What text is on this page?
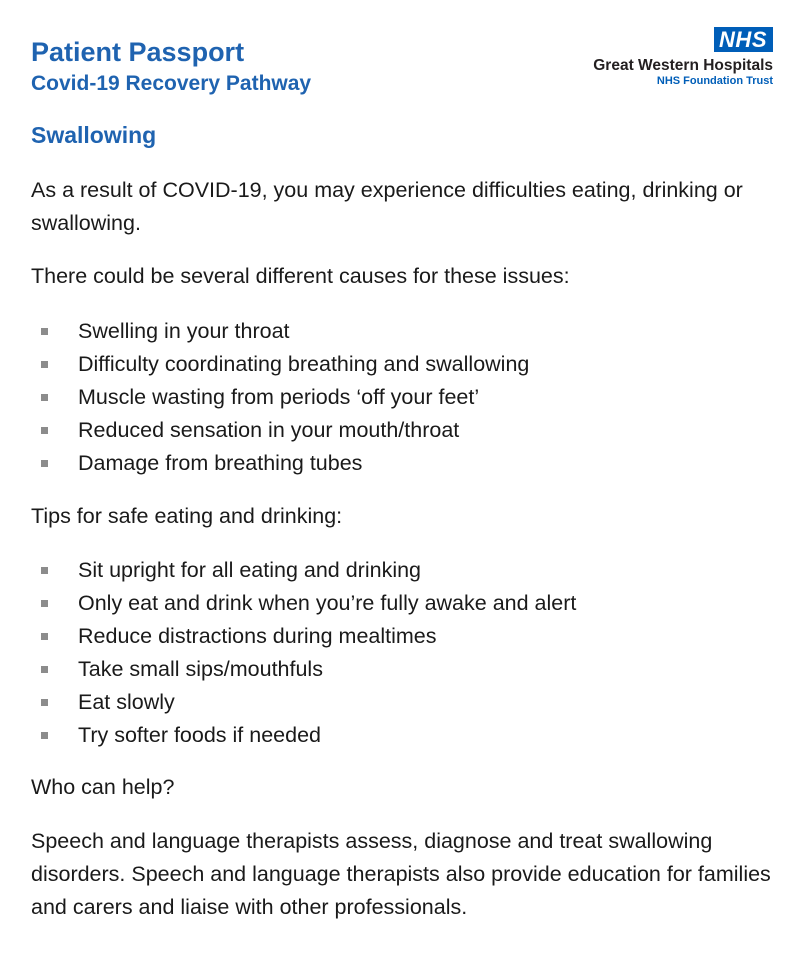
Patient Passport
Covid-19 Recovery Pathway
NHS
Great Western Hospitals
NHS Foundation Trust
Swallowing

As a result of COVID-19, you may experience difficulties eating, drinking or swallowing.

There could be several different causes for these issues:

Swelling in your throat
Difficulty coordinating breathing and swallowing
Muscle wasting from periods ‘off your feet’
Reduced sensation in your mouth/throat
Damage from breathing tubes

Tips for safe eating and drinking:

Sit upright for all eating and drinking
Only eat and drink when you’re fully awake and alert
Reduce distractions during mealtimes
Take small sips/mouthfuls
Eat slowly
Try softer foods if needed

Who can help?

Speech and language therapists assess, diagnose and treat swallowing disorders. Speech and language therapists also provide education for families and carers and liaise with other professionals.
